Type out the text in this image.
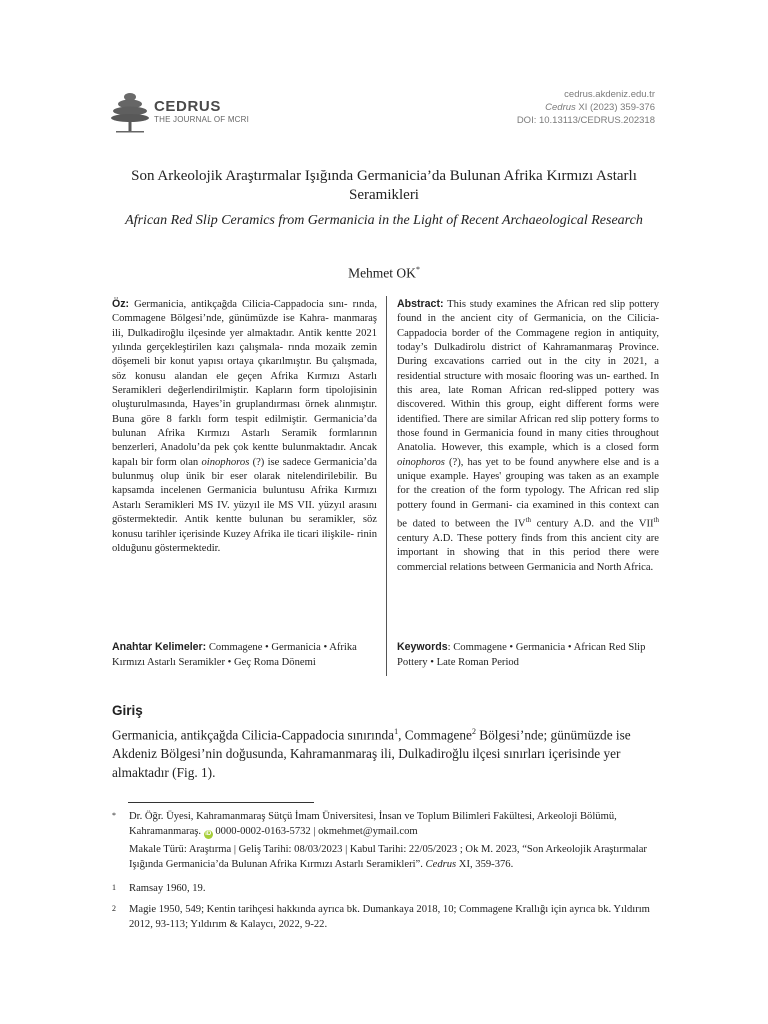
CEDRUS
THE JOURNAL OF MCRI
cedrus.akdeniz.edu.tr
Cedrus XI (2023) 359-376
DOI: 10.13113/CEDRUS.202318
Son Arkeolojik Araştırmalar Işığında Germanicia’da Bulunan Afrika Kırmızı Astarlı Seramikleri
African Red Slip Ceramics from Germanicia in the Light of Recent Archaeological Research
Mehmet OK*
Öz: Germanicia, antikçağda Cilicia-Cappadocia sını- rında, Commagene Bölgesi’nde, günümüzde ise Kahra- manmaraş ili, Dulkadiroğlu ilçesinde yer almaktadır. Antik kentte 2021 yılında gerçekleştirilen kazı çalışmala- rında mozaik zemin döşemeli bir konut yapısı ortaya çıkarılmıştır. Bu çalışmada, söz konusu alandan ele geçen Afrika Kırmızı Astarlı Seramikleri değerlendirilmiştir. Kapların form tipolojisinin oluşturulmasında, Hayes’in gruplandırması örnek alınmıştır. Buna göre 8 farklı form tespit edilmiştir. Germanicia’da bulunan Afrika Kırmızı Astarlı Seramik formlarının benzerleri, Anadolu’da pek çok kentte bulunmaktadır. Ancak kapalı bir form olan oinophoros (?) ise sadece Germanicia’da bulunmuş olup ünik bir eser olarak nitelendirilebilir. Bu kapsamda incelenen Germanicia buluntusu Afrika Kırmızı Astarlı Seramikleri MS IV. yüzyıl ile MS VII. yüzyıl arasını göstermektedir. Antik kentte bulunan bu seramikler, söz konusu tarihler içerisinde Kuzey Afrika ile ticari ilişkile- rinin olduğunu göstermektedir.
Abstract: This study examines the African red slip pottery found in the ancient city of Germanicia, on the Cilicia-Cappadocia border of the Commagene region in antiquity, today’s Dulkadirolu district of Kahramanmaraş Province. During excavations carried out in the city in 2021, a residential structure with mosaic flooring was un- earthed. In this area, late Roman African red-slipped pottery was discovered. Within this group, eight different forms were identified. There are similar African red slip pottery forms to those found in Germanicia found in many cities throughout Anatolia. However, this example, which is a closed form oinophoros (?), has yet to be found anywhere else and is a unique example. Hayes' grouping was taken as an example for the creation of the form typology. The African red slip pottery found in Germani- cia examined in this context can be dated to between the IVth century A.D. and the VIIth century A.D. These pottery finds from this ancient city are important in showing that in this period there were commercial relations between Germanicia and North Africa.
Anahtar Kelimeler: Commagene • Germanicia • Afrika Kırmızı Astarlı Seramikler • Geç Roma Dönemi
Keywords: Commagene • Germanicia • African Red Slip Pottery • Late Roman Period
Giriş
Germanicia, antikçağda Cilicia-Cappadocia sınırında$^1$, Commagene$^2$ Bölgesi’nde; günümüzde ise Akdeniz Bölgesi’nin doğusunda, Kahramanmaraş ili, Dulkadiroğlu ilçesi sınırları içerisinde yer almaktadır (Fig. 1).
* Dr. Öğr. Üyesi, Kahramanmaraş Sütçü İmam Üniversitesi, İnsan ve Toplum Bilimleri Fakültesi, Arkeoloji Bölümü, Kahramanmaraş. iD 0000-0002-0163-5732 | okmehmet@ymail.com
Makale Türü: Araştırma | Geliş Tarihi: 08/03/2023 | Kabul Tarihi: 22/05/2023 ; Ok M. 2023, “Son Arkeolojik Araştırmalar Işığında Germanicia’da Bulunan Afrika Kırmızı Astarlı Seramikleri”. Cedrus XI, 359-376.
1 Ramsay 1960, 19.
2 Magie 1950, 549; Kentin tarihçesi hakkında ayrıca bk. Dumankaya 2018, 10; Commagene Krallığı için ayrıca bk. Yıldırım 2012, 93-113; Yıldırım & Kalaycı, 2022, 9-22.
